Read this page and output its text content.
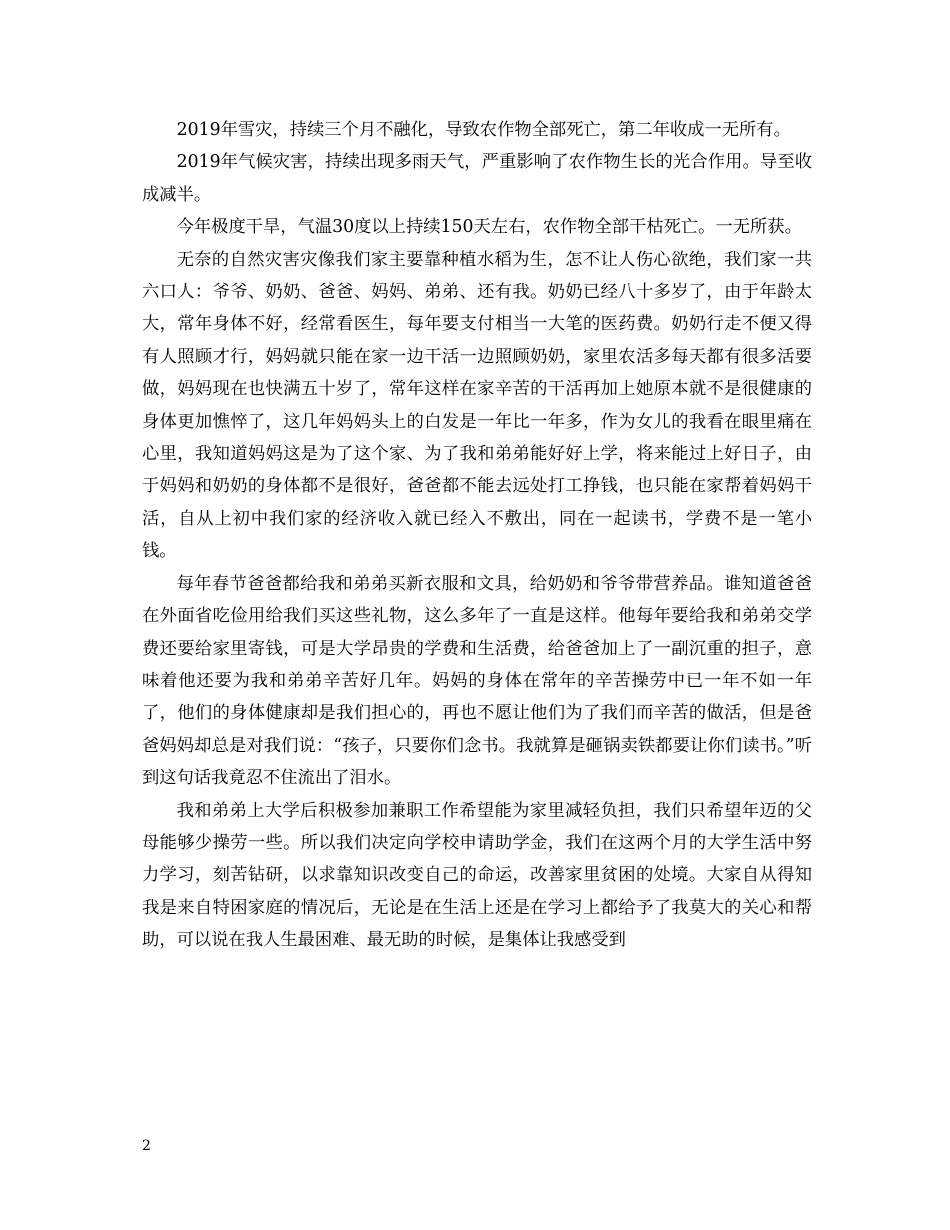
2019年雪灾，持续三个月不融化，导致农作物全部死亡，第二年收成一无所有。

2019年气候灾害，持续出现多雨天气，严重影响了农作物生长的光合作用。导至收成减半。

今年极度干旱，气温30度以上持续150天左右，农作物全部干枯死亡。一无所获。

无奈的自然灾害灾像我们家主要靠种植水稻为生，怎不让人伤心欲绝，我们家一共六口人：爷爷、奶奶、爸爸、妈妈、弟弟、还有我。奶奶已经八十多岁了，由于年龄太大，常年身体不好，经常看医生，每年要支付相当一大笔的医药费。奶奶行走不便又得有人照顾才行，妈妈就只能在家一边干活一边照顾奶奶，家里农活多每天都有很多活要做，妈妈现在也快满五十岁了，常年这样在家辛苦的干活再加上她原本就不是很健康的身体更加憔悴了，这几年妈妈头上的白发是一年比一年多，作为女儿的我看在眼里痛在心里，我知道妈妈这是为了这个家、为了我和弟弟能好好上学，将来能过上好日子，由于妈妈和奶奶的身体都不是很好，爸爸都不能去远处打工挣钱，也只能在家帮着妈妈干活，自从上初中我们家的经济收入就已经入不敷出，同在一起读书，学费不是一笔小钱。

每年春节爸爸都给我和弟弟买新衣服和文具，给奶奶和爷爷带营养品。谁知道爸爸在外面省吃俭用给我们买这些礼物，这么多年了一直是这样。他每年要给我和弟弟交学费还要给家里寄钱，可是大学昂贵的学费和生活费，给爸爸加上了一副沉重的担子，意味着他还要为我和弟弟辛苦好几年。妈妈的身体在常年的辛苦操劳中已一年不如一年了，他们的身体健康却是我们担心的，再也不愿让他们为了我们而辛苦的做活，但是爸爸妈妈却总是对我们说：“孩子，只要你们念书。我就算是砸锅卖铁都要让你们读书。”听到这句话我竟忍不住流出了泪水。

我和弟弟上大学后积极参加兼职工作希望能为家里减轻负担，我们只希望年迈的父母能够少操劳一些。所以我们决定向学校申请助学金，我们在这两个月的大学生活中努力学习，刻苦钻研，以求靠知识改变自己的命运，改善家里贫困的处境。大家自从得知我是来自特困家庭的情况后，无论是在生活上还是在学习上都给予了我莫大的关心和帮助，可以说在我人生最困难、最无助的时候，是集体让我感受到

2
